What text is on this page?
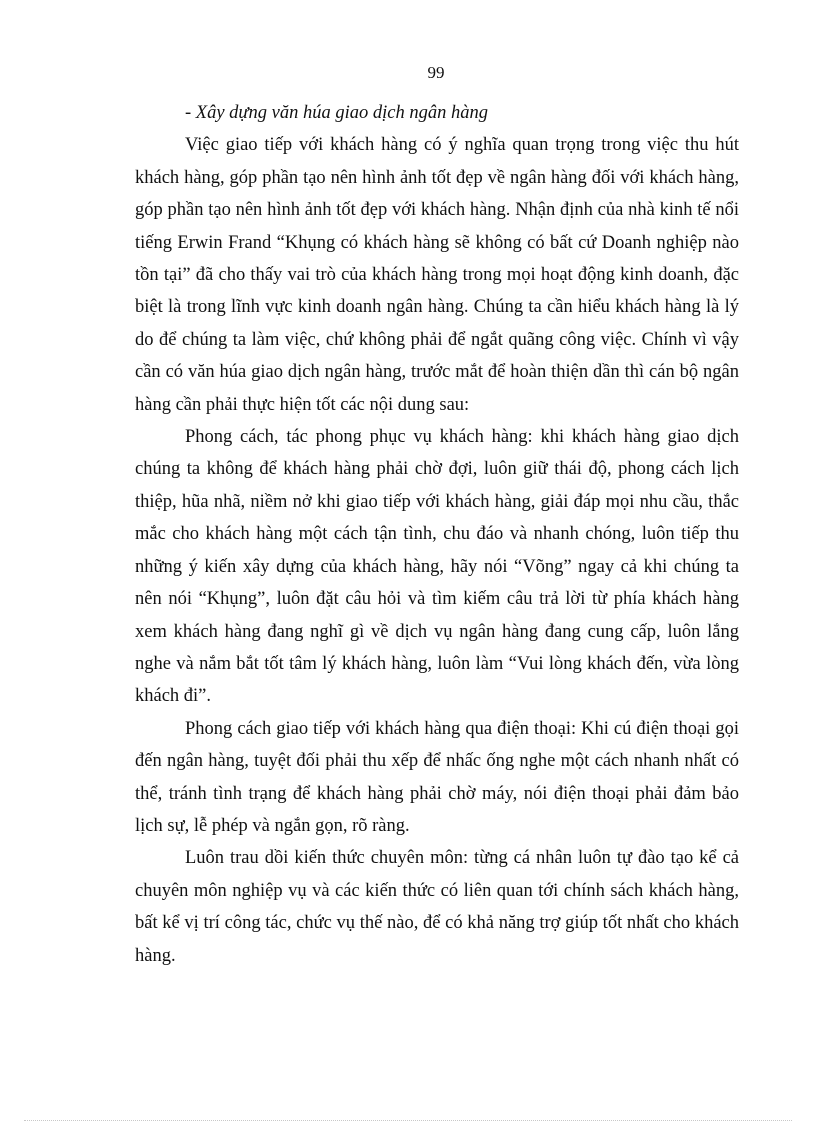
99

- Xây dựng văn húa giao dịch ngân hàng

Việc giao tiếp với khách hàng có ý nghĩa quan trọng trong việc thu hút khách hàng, góp phần tạo nên hình ảnh tốt đẹp về ngân hàng đối với khách hàng, góp phần tạo nên hình ảnh tốt đẹp với khách hàng. Nhận định của nhà kinh tế nổi tiếng Erwin Frand “Khụng có khách hàng sẽ không có bất cứ Doanh nghiệp nào tồn tại” đã cho thấy vai trò của khách hàng trong mọi hoạt động kinh doanh, đặc biệt là trong lĩnh vực kinh doanh ngân hàng. Chúng ta cần hiểu khách hàng là lý do để chúng ta làm việc, chứ không phải để ngắt quãng công việc. Chính vì vậy cần có văn húa giao dịch ngân hàng, trước mắt để hoàn thiện dần thì cán bộ ngân hàng cần phải thực hiện tốt các nội dung sau:

Phong cách, tác phong phục vụ khách hàng: khi khách hàng giao dịch chúng ta không để khách hàng phải chờ đợi, luôn giữ thái độ, phong cách lịch thiệp, hũa nhã, niềm nở khi giao tiếp với khách hàng, giải đáp mọi nhu cầu, thắc mắc cho khách hàng một cách tận tình, chu đáo và nhanh chóng, luôn tiếp thu những ý kiến xây dựng của khách hàng, hãy nói “Võng” ngay cả khi chúng ta nên nói “Khụng”, luôn đặt câu hỏi và tìm kiếm câu trả lời từ phía khách hàng xem khách hàng đang nghĩ gì về dịch vụ ngân hàng đang cung cấp, luôn lắng nghe và nắm bắt tốt tâm lý khách hàng, luôn làm “Vui lòng khách đến, vừa lòng khách đi”.

Phong cách giao tiếp với khách hàng qua điện thoại: Khi cú điện thoại gọi đến ngân hàng, tuyệt đối phải thu xếp để nhấc ống nghe một cách nhanh nhất có thể, tránh tình trạng để khách hàng phải chờ máy, nói điện thoại phải đảm bảo lịch sự, lễ phép và ngắn gọn, rõ ràng.

Luôn trau dồi kiến thức chuyên môn: từng cá nhân luôn tự đào tạo kể cả chuyên môn nghiệp vụ và các kiến thức có liên quan tới chính sách khách hàng, bất kể vị trí công tác, chức vụ thế nào, để có khả năng trợ giúp tốt nhất cho khách hàng.
